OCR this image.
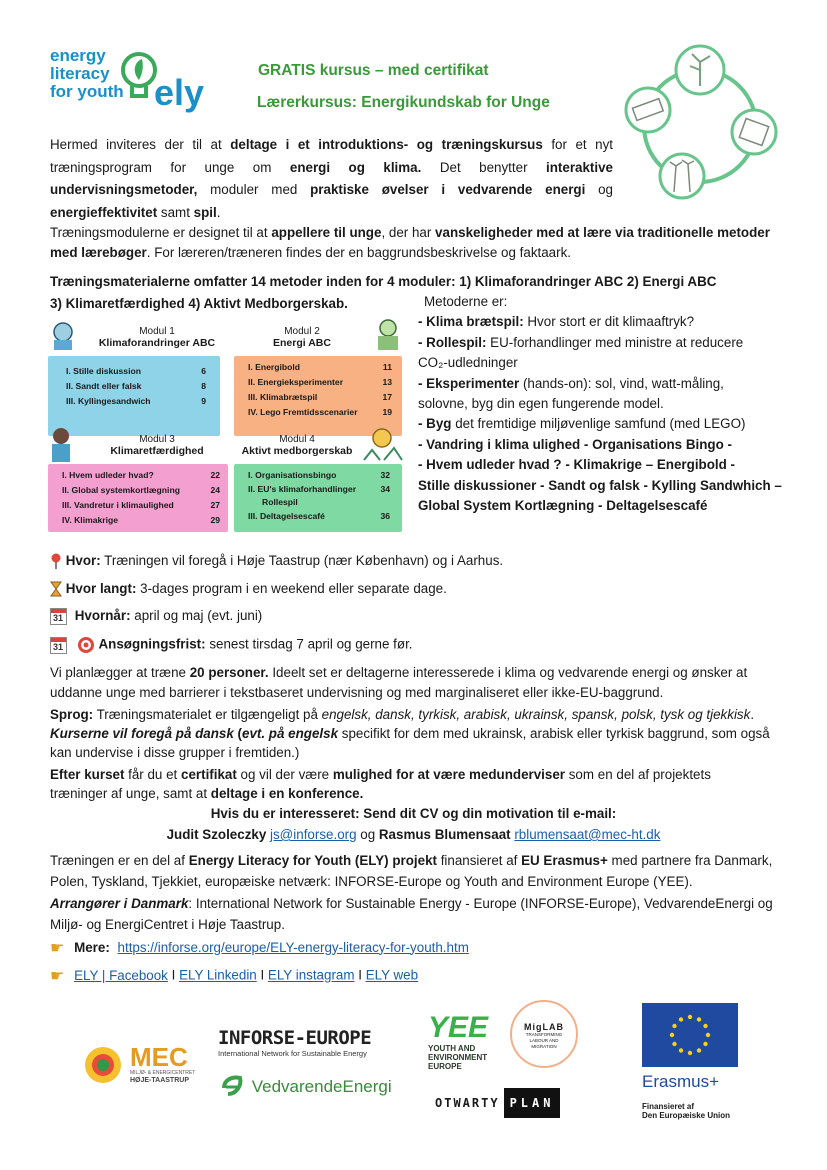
energy
literacy
for youth ely
GRATIS kursus – med certifikat
Lærerkursus: Energikundskab for Unge
Hermed inviteres der til at deltage i et introduktions- og træningskursus for et nyt træningsprogram for unge om energi og klima. Det benytter interaktive undervisningsmetoder, moduler med praktiske øvelser i vedvarende energi og energieffektivitet samt spil.
Træningsmodulerne er designet til at appellere til unge, der har vanskeligheder med at lære via traditionelle metoder med lærebøger. For læreren/træneren findes der en baggrundsbeskrivelse og faktaark.
Træningsmaterialerne omfatter 14 metoder inden for 4 moduler: 1) Klimaforandringer ABC 2) Energi ABC
3) Klimaretfærdighed 4) Aktivt Medborgerskab.
Modul 1
Klimaforandringer ABC
I. Stille diskussion	6
II. Sandt eller falsk	8
III. Kyllingesandwich	9
Modul 2
Energi ABC
I. Energibold	11
II. Energieksperimenter	13
III. Klimabrætspil	17
IV. Lego Fremtidsscenarier	19
Modul 3
Klimaretfærdighed
I. Hvem udleder hvad?	22
II. Global systemkortlægning	24
III. Vandretur i klimaulighed	27
IV. Klimakrige	29
Modul 4
Aktivt medborgerskab
I. Organisationsbingo	32
II. EU's klimaforhandlinger	34
Rollespil
III. Deltagelsescafé	36
Metoderne er:
- Klima brætspil: Hvor stort er dit klimaaftryk?
- Rollespil: EU-forhandlinger med ministre at reducere
CO₂-udledninger
- Eksperimenter (hands-on): sol, vind, watt-måling,
solovne, byg din egen fungerende model.
- Byg det fremtidige miljøvenlige samfund (med LEGO)
- Vandring i klima ulighed - Organisations Bingo -
- Hvem udleder hvad ? - Klimakrige – Energibold -
Stille diskussioner - Sandt og falsk - Kylling Sandwhich –
Global System Kortlægning - Deltagelsescafé
Hvor: Træningen vil foregå i Høje Taastrup (nær København) og i Aarhus.
Hvor langt: 3-dages program i en weekend eller separate dage.
31 Hvornår: april og maj (evt. juni)
31	Ansøgningsfrist: senest tirsdag 7 april og gerne før.
Vi planlægger at træne 20 personer. Ideelt set er deltagerne interesserede i klima og vedvarende energi og ønsker at uddanne unge med barrierer i tekstbaseret undervisning og med marginaliseret eller ikke-EU-baggrund.
Sprog: Træningsmaterialet er tilgængeligt på engelsk, dansk, tyrkisk, arabisk, ukrainsk, spansk, polsk, tysk og tjekkisk. Kurserne vil foregå på dansk (evt. på engelsk specifikt for dem med ukrainsk, arabisk eller tyrkisk baggrund, som også kan undervise i disse grupper i fremtiden.)
Efter kurset får du et certifikat og vil der være mulighed for at være medunderviser som en del af projektets træninger af unge, samt at deltage i en konference.
Hvis du er interesseret: Send dit CV og din motivation til e-mail:
Judit Szoleczky js@inforse.org og Rasmus Blumensaat rblumensaat@mec-ht.dk
Træningen er en del af Energy Literacy for Youth (ELY) projekt finansieret af EU Erasmus+ med partnere fra Danmark, Polen, Tyskland, Tjekkiet, europæiske netværk: INFORSE-Europe og Youth and Environment Europe (YEE).
Arrangører i Danmark: International Network for Sustainable Energy - Europe (INFORSE-Europe), VedvarendeEnergi og Miljø- og EnergiCentret i Høje Taastrup.
☛ Mere: https://inforse.org/europe/ELY-energy-literacy-for-youth.htm
☛ ELY | Facebook I ELY Linkedin I ELY instagram I ELY web
MEC
MILJØ- & ENERGICENTRET
HØJE-TAASTRUP
INFORSE-EUROPE
International Network for Sustainable Energy
VedvarendeEnergi
YEE
YOUTH AND
ENVIRONMENT
EUROPE
MigLAB
TRANSFORMING LABOUR AND MIGRATION
OTWARTY PLAN
Erasmus+
Finansieret af
Den Europæiske Union
